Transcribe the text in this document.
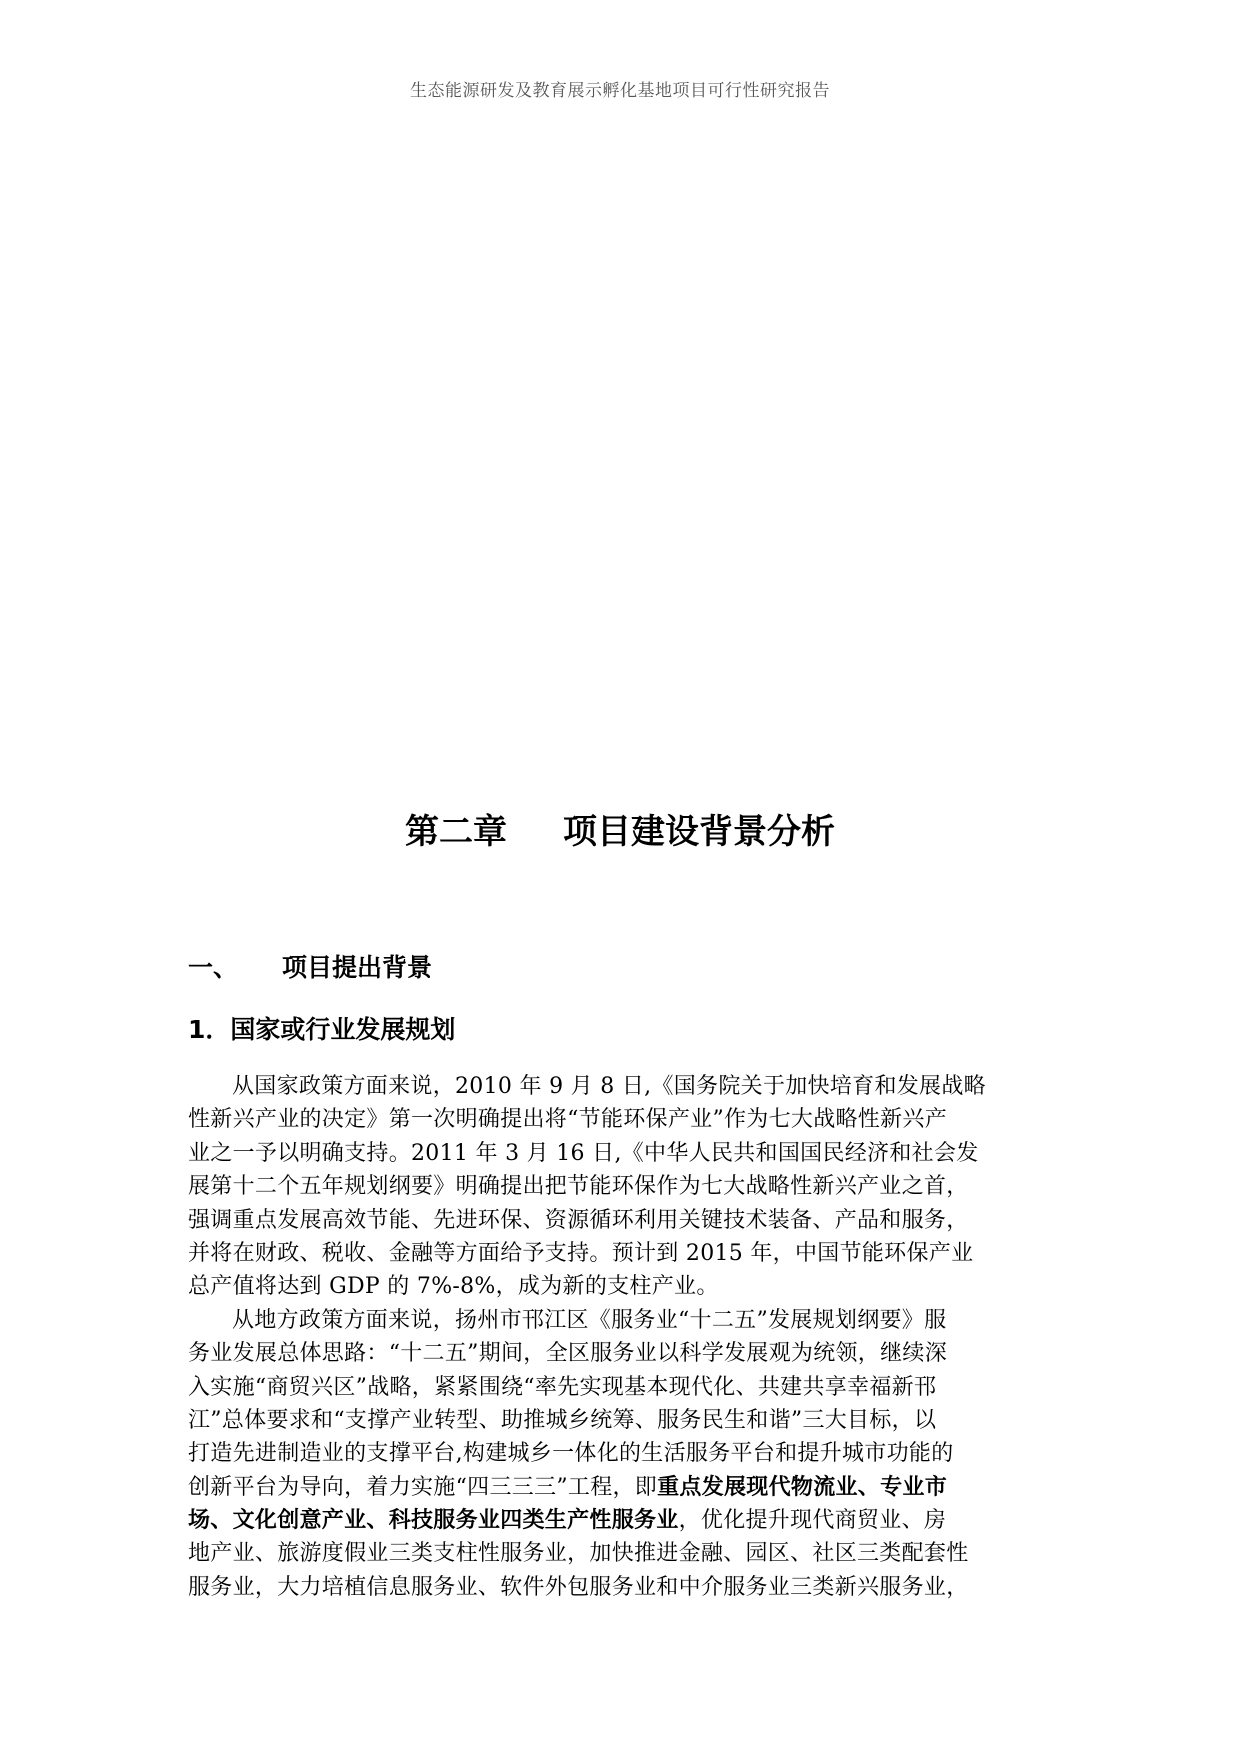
生态能源研发及教育展示孵化基地项目可行性研究报告
第二章 项目建设背景分析
一、 项目提出背景
1．国家或行业发展规划
从国家政策方面来说，2010 年 9 月 8 日,《国务院关于加快培育和发展战略
性新兴产业的决定》第一次明确提出将“节能环保产业”作为七大战略性新兴产
业之一予以明确支持。2011 年 3 月 16 日,《中华人民共和国国民经济和社会发
展第十二个五年规划纲要》明确提出把节能环保作为七大战略性新兴产业之首，
强调重点发展高效节能、先进环保、资源循环利用关键技术装备、产品和服务，
并将在财政、税收、金融等方面给予支持。预计到 2015 年，中国节能环保产业
总产值将达到 GDP 的 7%-8%，成为新的支柱产业。
从地方政策方面来说，扬州市邗江区《服务业“十二五”发展规划纲要》服
务业发展总体思路：“十二五”期间，全区服务业以科学发展观为统领，继续深
入实施“商贸兴区”战略，紧紧围绕“率先实现基本现代化、共建共享幸福新邗
江”总体要求和“支撑产业转型、助推城乡统筹、服务民生和谐”三大目标，以
打造先进制造业的支撑平台,构建城乡一体化的生活服务平台和提升城市功能的
创新平台为导向，着力实施“四三三三”工程，即重点发展现代物流业、专业市
场、文化创意产业、科技服务业四类生产性服务业，优化提升现代商贸业、房
地产业、旅游度假业三类支柱性服务业，加快推进金融、园区、社区三类配套性
服务业，大力培植信息服务业、软件外包服务业和中介服务业三类新兴服务业，
